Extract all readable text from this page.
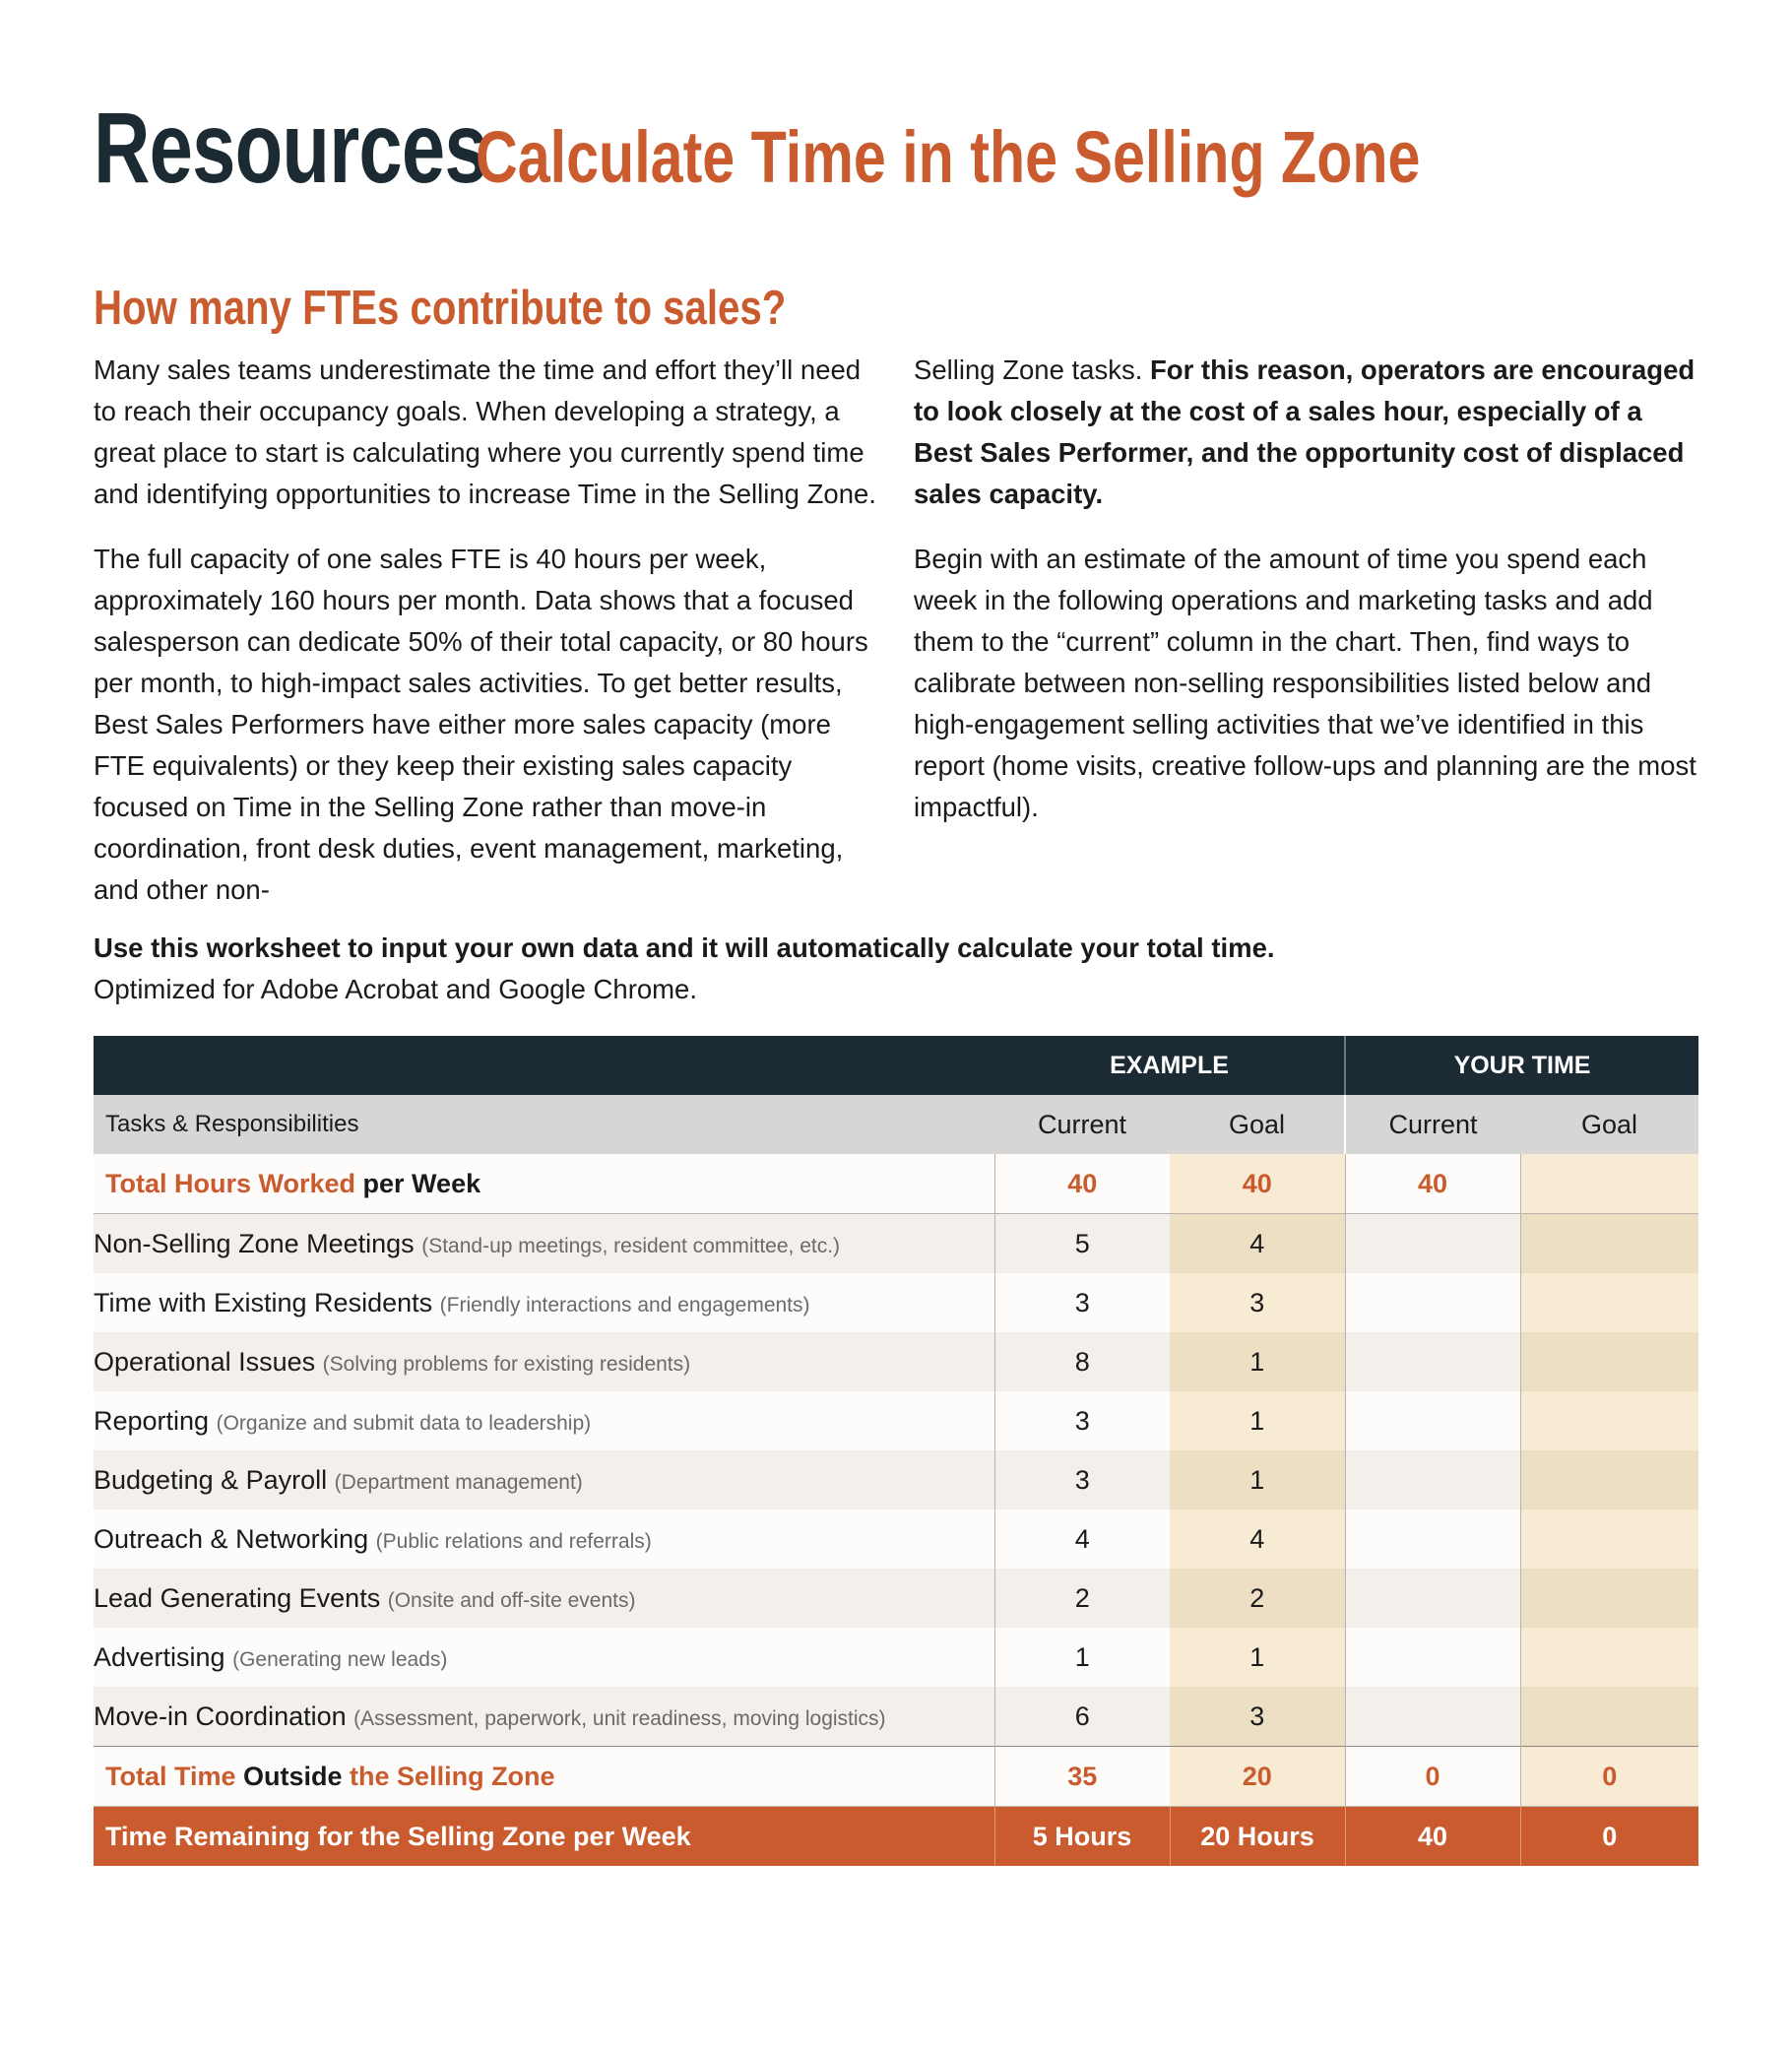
ResourcesCalculate Time in the Selling Zone
How many FTEs contribute to sales?

Many sales teams underestimate the time and effort they’ll need to reach their occupancy goals. When developing a strategy, a great place to start is calculating where you currently spend time and identifying opportunities to increase Time in the Selling Zone.

The full capacity of one sales FTE is 40 hours per week, approximately 160 hours per month. Data shows that a focused salesperson can dedicate 50% of their total capacity, or 80 hours per month, to high-impact sales activities. To get better results, Best Sales Performers have either more sales capacity (more FTE equivalents) or they keep their existing sales capacity focused on Time in the Selling Zone rather than move-in coordination, front desk duties, event management, marketing, and other non-

Selling Zone tasks. For this reason, operators are encouraged to look closely at the cost of a sales hour, especially of a Best Sales Performer, and the opportunity cost of displaced sales capacity.

Begin with an estimate of the amount of time you spend each week in the following operations and marketing tasks and add them to the “current” column in the chart. Then, find ways to calibrate between non-selling responsibilities listed below and high-engagement selling activities that we’ve identified in this report (home visits, creative follow-ups and planning are the most impactful).

Use this worksheet to input your own data and it will automatically calculate your total time.
Optimized for Adobe Acrobat and Google Chrome.
	EXAMPLE		YOUR TIME	
Tasks & Responsibilities	Current	Goal	Current	Goal
Total Hours Worked per Week	40	40	40	
Non-Selling Zone Meetings (Stand-up meetings, resident committee, etc.)	5	4		
Time with Existing Residents (Friendly interactions and engagements)	3	3		
Operational Issues (Solving problems for existing residents)	8	1		
Reporting (Organize and submit data to leadership)	3	1		
Budgeting & Payroll (Department management)	3	1		
Outreach & Networking (Public relations and referrals)	4	4		
Lead Generating Events (Onsite and off-site events)	2	2		
Advertising (Generating new leads)	1	1		
Move-in Coordination (Assessment, paperwork, unit readiness, moving logistics)	6	3		
Total Time Outside the Selling Zone	35	20	0	0
Time Remaining for the Selling Zone per Week	5 Hours	20 Hours	40	0
